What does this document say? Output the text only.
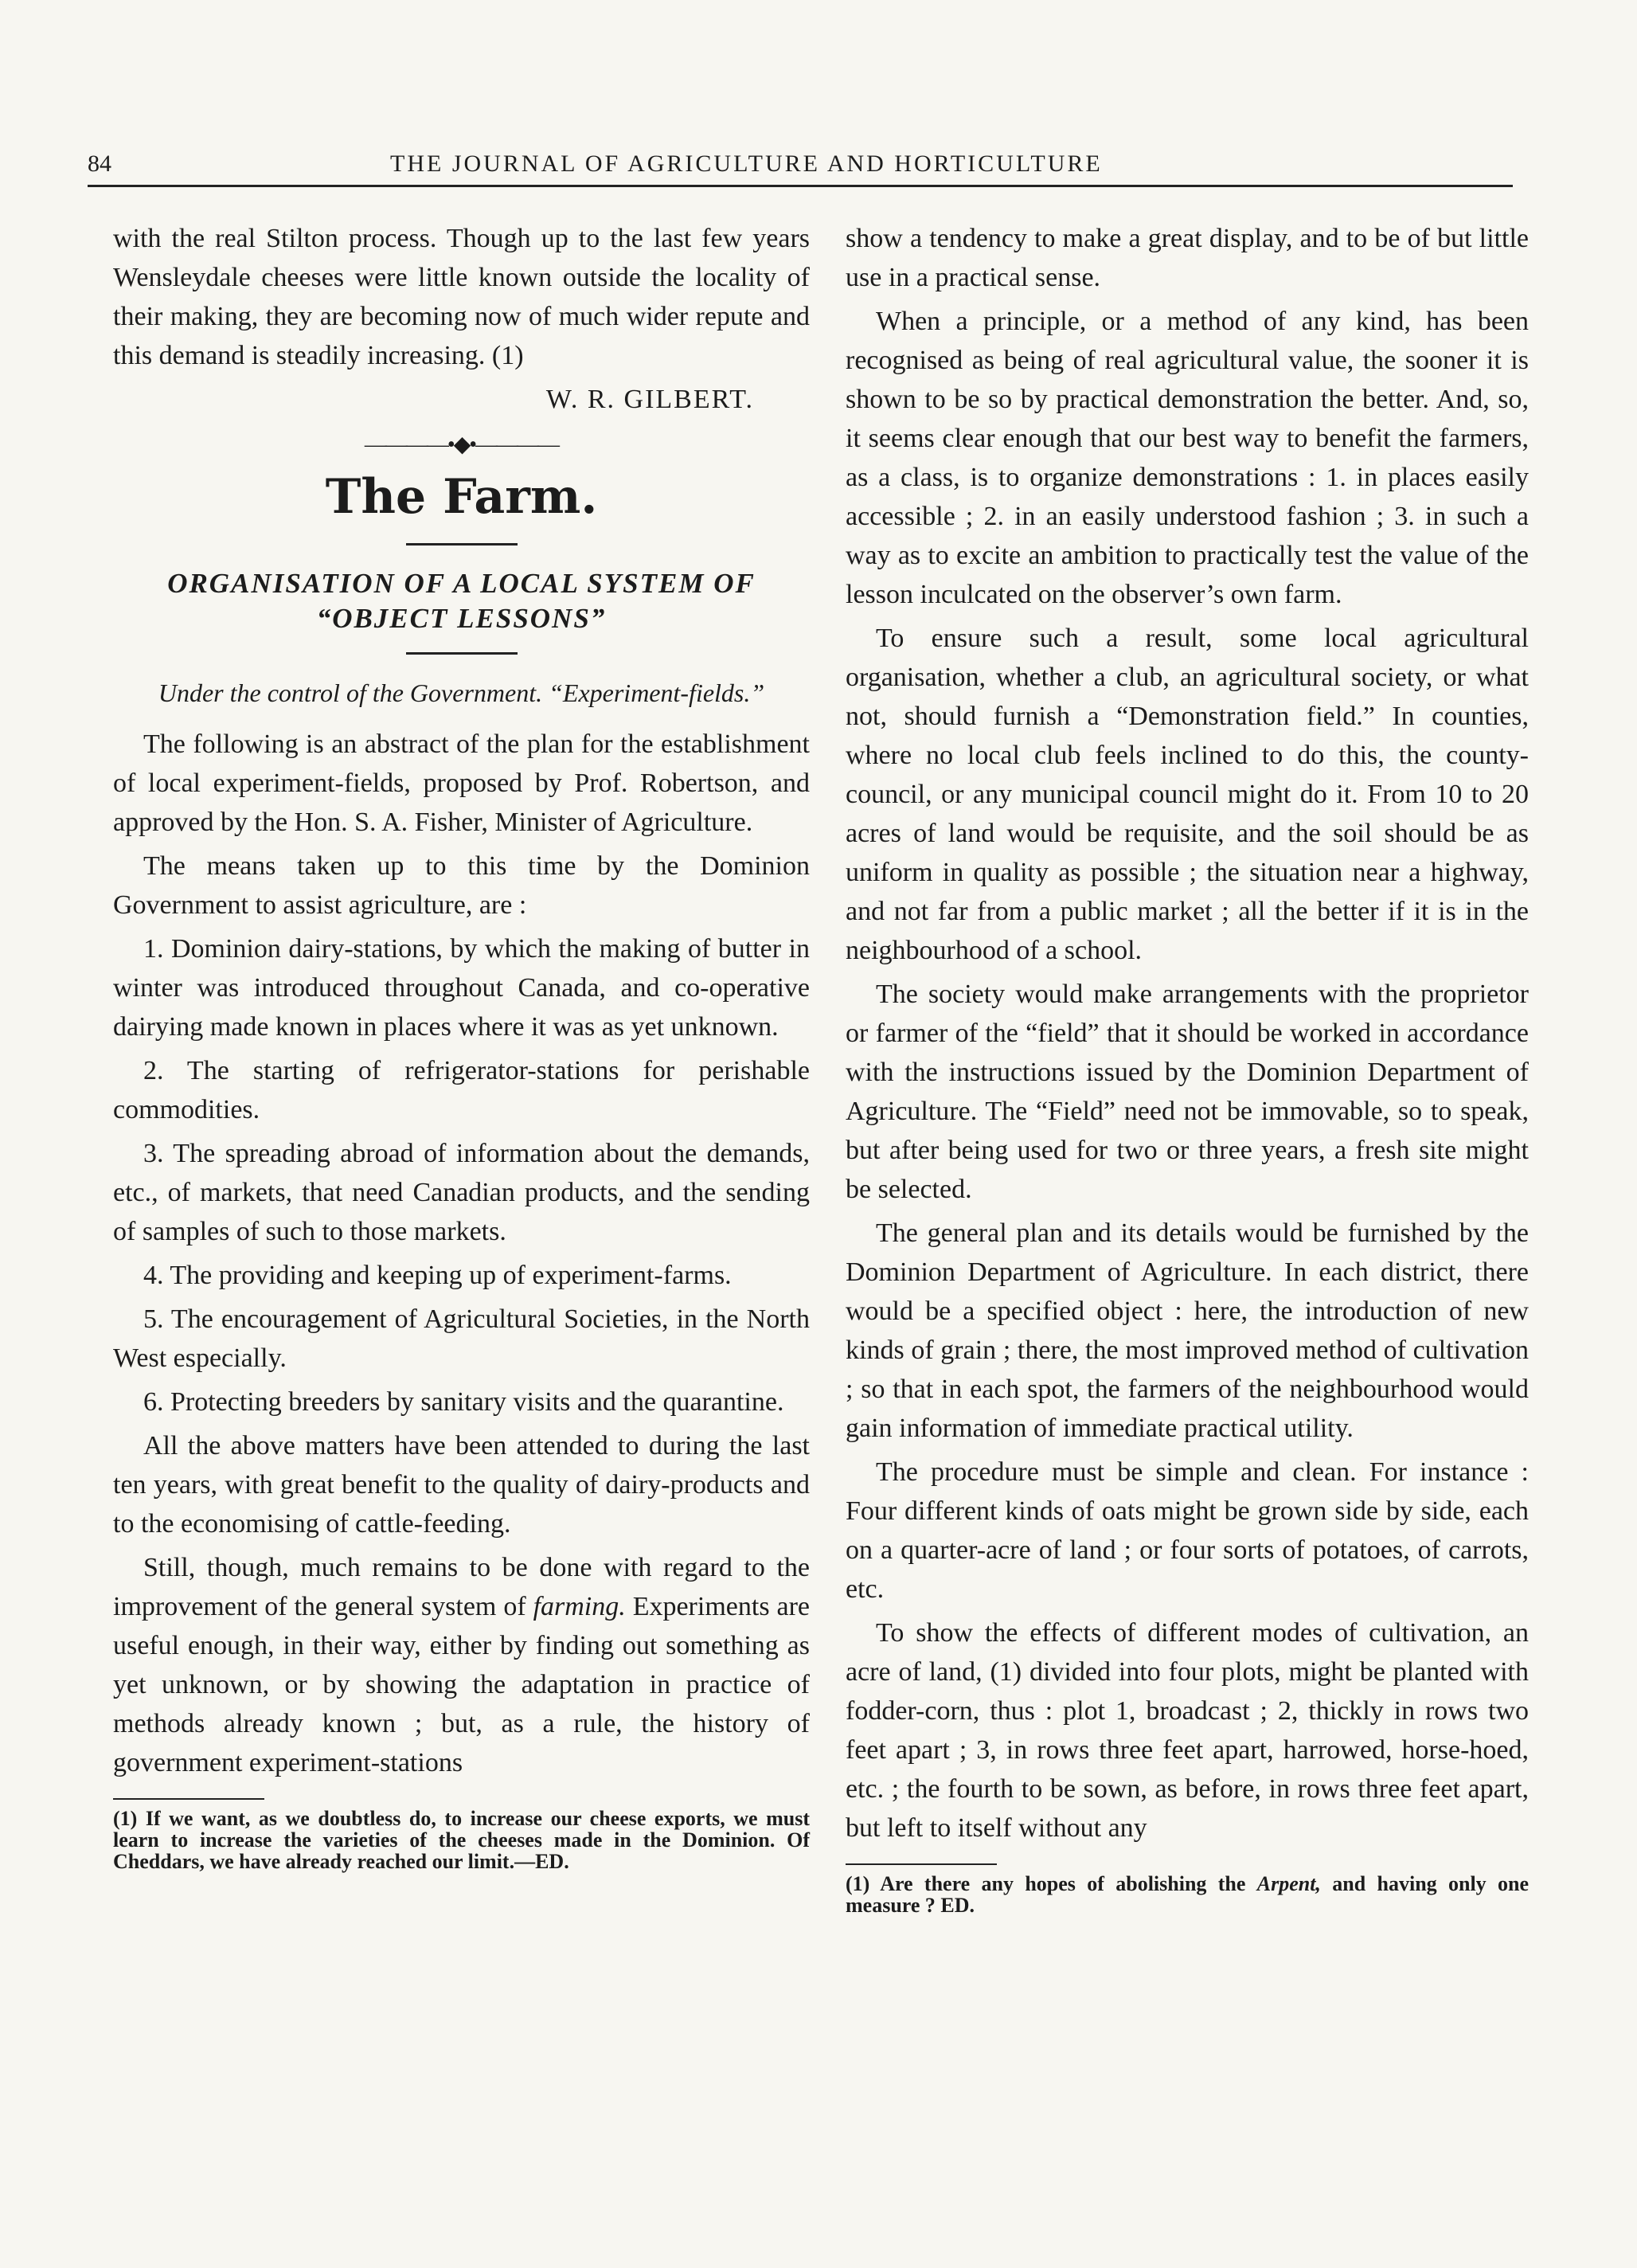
84	THE JOURNAL OF AGRICULTURE AND HORTICULTURE

with the real Stilton process. Though up to the last few years Wensleydale cheeses were little known outside the locality of their making, they are becoming now of much wider repute and this demand is steadily increasing. (1)

W. R. GILBERT.
————•◆•————
The Farm.
ORGANISATION OF A LOCAL SYSTEM OF “OBJECT LESSONS”
Under the control of the Government. “Experiment-fields.”

The following is an abstract of the plan for the establishment of local experiment-fields, proposed by Prof. Robertson, and approved by the Hon. S. A. Fisher, Minister of Agriculture.

The means taken up to this time by the Dominion Government to assist agriculture, are :

1. Dominion dairy-stations, by which the making of butter in winter was introduced throughout Canada, and co-operative dairying made known in places where it was as yet unknown.

2. The starting of refrigerator-stations for perishable commodities.

3. The spreading abroad of information about the demands, etc., of markets, that need Canadian products, and the sending of samples of such to those markets.

4. The providing and keeping up of experiment-farms.

5. The encouragement of Agricultural Societies, in the North West especially.

6. Protecting breeders by sanitary visits and the quarantine.

All the above matters have been attended to during the last ten years, with great benefit to the quality of dairy-products and to the economising of cattle-feeding.

Still, though, much remains to be done with regard to the improvement of the general system of farming. Experiments are useful enough, in their way, either by finding out something as yet unknown, or by showing the adaptation in practice of methods already known ; but, as a rule, the history of government experiment-stations

(1) If we want, as we doubtless do, to increase our cheese exports, we must learn to increase the varieties of the cheeses made in the Dominion. Of Cheddars, we have already reached our limit.—ED.

show a tendency to make a great display, and to be of but little use in a practical sense.

When a principle, or a method of any kind, has been recognised as being of real agricultural value, the sooner it is shown to be so by practical demonstration the better. And, so, it seems clear enough that our best way to benefit the farmers, as a class, is to organize demonstrations : 1. in places easily accessible ; 2. in an easily understood fashion ; 3. in such a way as to excite an ambition to practically test the value of the lesson inculcated on the observer’s own farm.

To ensure such a result, some local agricultural organisation, whether a club, an agricultural society, or what not, should furnish a “Demonstration field.” In counties, where no local club feels inclined to do this, the county-council, or any municipal council might do it. From 10 to 20 acres of land would be requisite, and the soil should be as uniform in quality as possible ; the situation near a highway, and not far from a public market ; all the better if it is in the neighbourhood of a school.

The society would make arrangements with the proprietor or farmer of the “field” that it should be worked in accordance with the instructions issued by the Dominion Department of Agriculture. The “Field” need not be immovable, so to speak, but after being used for two or three years, a fresh site might be selected.

The general plan and its details would be furnished by the Dominion Department of Agriculture. In each district, there would be a specified object : here, the introduction of new kinds of grain ; there, the most improved method of cultivation ; so that in each spot, the farmers of the neighbourhood would gain information of immediate practical utility.

The procedure must be simple and clean. For instance : Four different kinds of oats might be grown side by side, each on a quarter-acre of land ; or four sorts of potatoes, of carrots, etc.

To show the effects of different modes of cultivation, an acre of land, (1) divided into four plots, might be planted with fodder-corn, thus : plot 1, broadcast ; 2, thickly in rows two feet apart ; 3, in rows three feet apart, harrowed, horse-hoed, etc. ; the fourth to be sown, as before, in rows three feet apart, but left to itself without any

(1) Are there any hopes of abolishing the Arpent, and having only one measure ? ED.
